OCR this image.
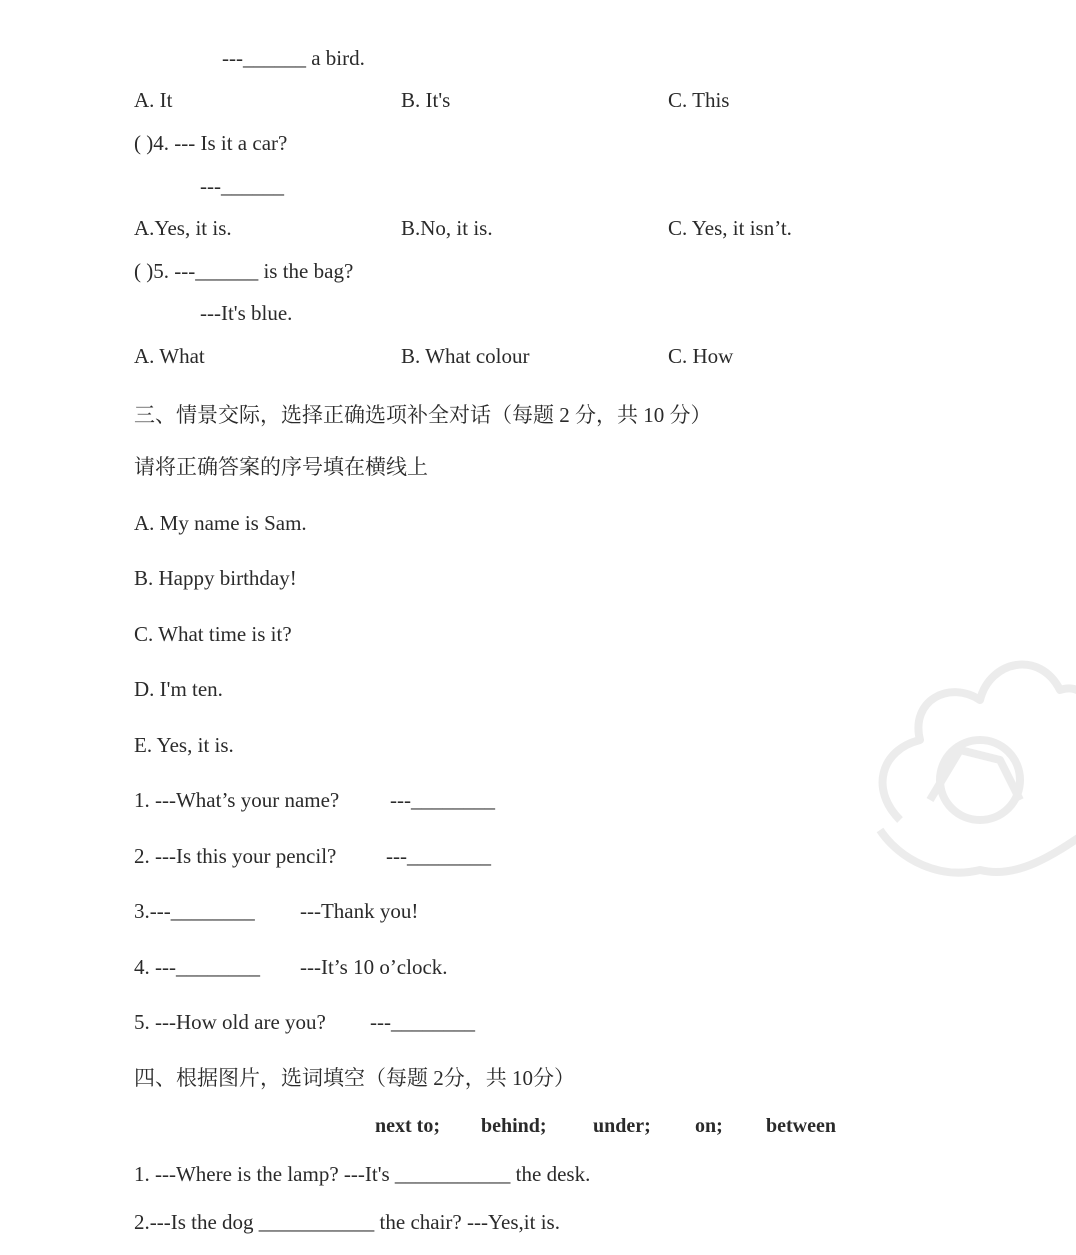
---______ a bird.
A. It	B. It's	C. This
( )4. --- Is it a car?
---______
A.Yes, it is.	B.No, it is.	C. Yes, it isn’t.
( )5. ---______ is the bag?
---It's blue.
A. What	B. What colour	C. How
三、情景交际，选择正确选项补全对话（每题 2 分，共 10 分）
请将正确答案的序号填在横线上
A. My name is Sam.
B. Happy birthday!
C. What time is it?
D. I'm ten.
E. Yes, it is.
1. ---What’s your name? ---________
2. ---Is this your pencil? ---________
3.---________ ---Thank you!
4. ---________ ---It’s 10 o’clock.
5. ---How old are you? ---________
四、根据图片，选词填空（每题 2分，共 10分）
next to; behind; under; on; between
1. ---Where is the lamp? ---It's ___________ the desk.
2.---Is the dog ___________ the chair? ---Yes,it is.
